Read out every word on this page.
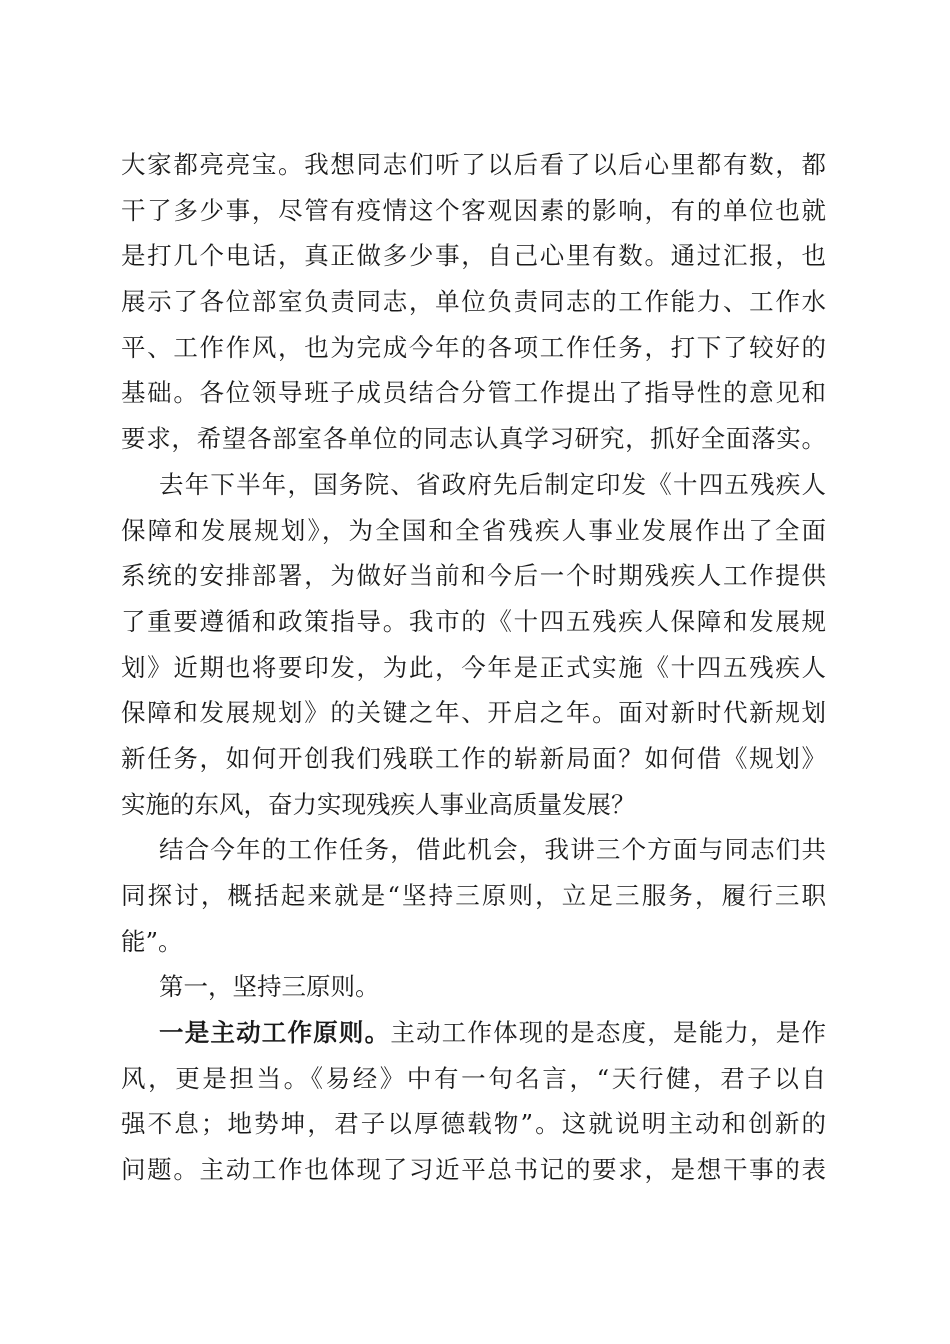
大家都亮亮宝。我想同志们听了以后看了以后心里都有数，都
干了多少事，尽管有疫情这个客观因素的影响，有的单位也就
是打几个电话，真正做多少事，自己心里有数。通过汇报，也
展示了各位部室负责同志，单位负责同志的工作能力、工作水
平、工作作风，也为完成今年的各项工作任务，打下了较好的
基础。各位领导班子成员结合分管工作提出了指导性的意见和
要求，希望各部室各单位的同志认真学习研究，抓好全面落实。
去年下半年，国务院、省政府先后制定印发《十四五残疾人
保障和发展规划》，为全国和全省残疾人事业发展作出了全面
系统的安排部署，为做好当前和今后一个时期残疾人工作提供
了重要遵循和政策指导。我市的《十四五残疾人保障和发展规
划》近期也将要印发，为此，今年是正式实施《十四五残疾人
保障和发展规划》的关键之年、开启之年。面对新时代新规划
新任务，如何开创我们残联工作的崭新局面？如何借《规划》
实施的东风，奋力实现残疾人事业高质量发展？
结合今年的工作任务，借此机会，我讲三个方面与同志们共
同探讨，概括起来就是“坚持三原则，立足三服务，履行三职
能”。
第一，坚持三原则。
一是主动工作原则。主动工作体现的是态度，是能力，是作
风，更是担当。《易经》中有一句名言，“天行健，君子以自
强不息；地势坤，君子以厚德载物”。这就说明主动和创新的
问题。主动工作也体现了习近平总书记的要求，是想干事的表
